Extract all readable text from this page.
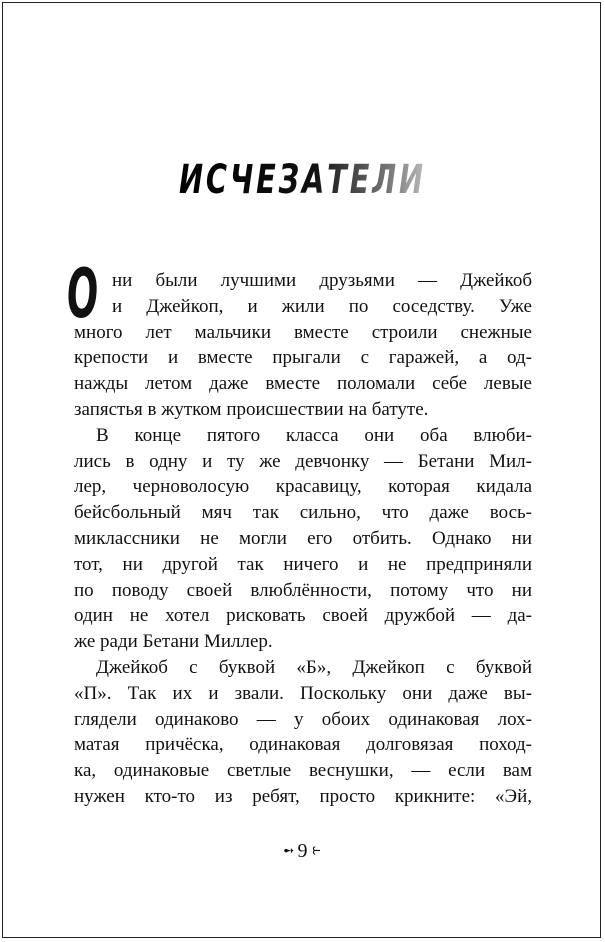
ИСЧЕЗАТЕЛИ
О ни были лучшими друзьями — Джейкоб
и Джейкоп, и жили по соседству. Уже
много лет мальчики вместе строили снежные
крепости и вместе прыгали с гаражей, а од-
нажды летом даже вместе поломали себе левые
запястья в жутком происшествии на батуте.
В конце пятого класса они оба влюби-
лись в одну и ту же девчонку — Бетани Мил-
лер, черноволосую красавицу, которая кидала
бейсбольный мяч так сильно, что даже вось-
миклассники не могли его отбить. Однако ни
тот, ни другой так ничего и не предприняли
по поводу своей влюблённости, потому что ни
один не хотел рисковать своей дружбой — да-
же ради Бетани Миллер.
Джейкоб с буквой «Б», Джейкоп с буквой
«П». Так их и звали. Поскольку они даже вы-
глядели одинаково — у обоих одинаковая лох-
матая причёска, одинаковая долговязая поход-
ка, одинаковые светлые веснушки, — если вам
нужен кто-то из ребят, просто крикните: «Эй,
➻ 9 ⥼
